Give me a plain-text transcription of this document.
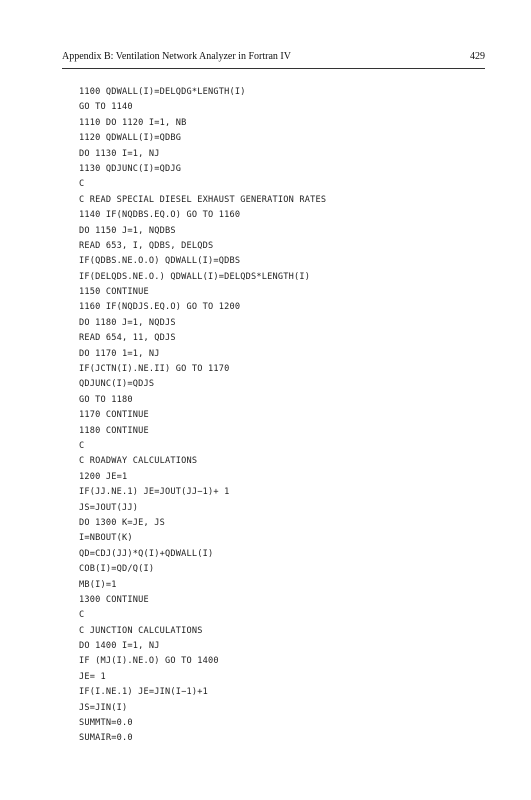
Appendix B: Ventilation Network Analyzer in Fortran IV	429
1100 QDWALL(I)=DELQDG*LENGTH(I)
GO TO 1140
1110 DO 1120 I=1, NB
1120 QDWALL(I)=QDBG
DO 1130 I=1, NJ
1130 QDJUNC(I)=QDJG
C
C READ SPECIAL DIESEL EXHAUST GENERATION RATES
1140 IF(NQDBS.EQ.O) GO TO 1160
DO 1150 J=1, NQDBS
READ 653, I, QDBS, DELQDS
IF(QDBS.NE.O.O) QDWALL(I)=QDBS
IF(DELQDS.NE.O.) QDWALL(I)=DELQDS*LENGTH(I)
1150 CONTINUE
1160 IF(NQDJS.EQ.O) GO TO 1200
DO 1180 J=1, NQDJS
READ 654, 11, QDJS
DO 1170 1=1, NJ
IF(JCTN(I).NE.II) GO TO 1170
QDJUNC(I)=QDJS
GO TO 1180
1170 CONTINUE
1180 CONTINUE
C
C ROADWAY CALCULATIONS
1200 JE=1
IF(JJ.NE.1) JE=JOUT(JJ−1)+ 1
JS=JOUT(JJ)
DO 1300 K=JE, JS
I=NBOUT(K)
QD=CDJ(JJ)*Q(I)+QDWALL(I)
COB(I)=QD/Q(I)
MB(I)=1
1300 CONTINUE
C
C JUNCTION CALCULATIONS
DO 1400 I=1, NJ
IF (MJ(I).NE.O) GO TO 1400
JE= 1
IF(I.NE.1) JE=JIN(I−1)+1
JS=JIN(I)
SUMMTN=0.0
SUMAIR=0.0
